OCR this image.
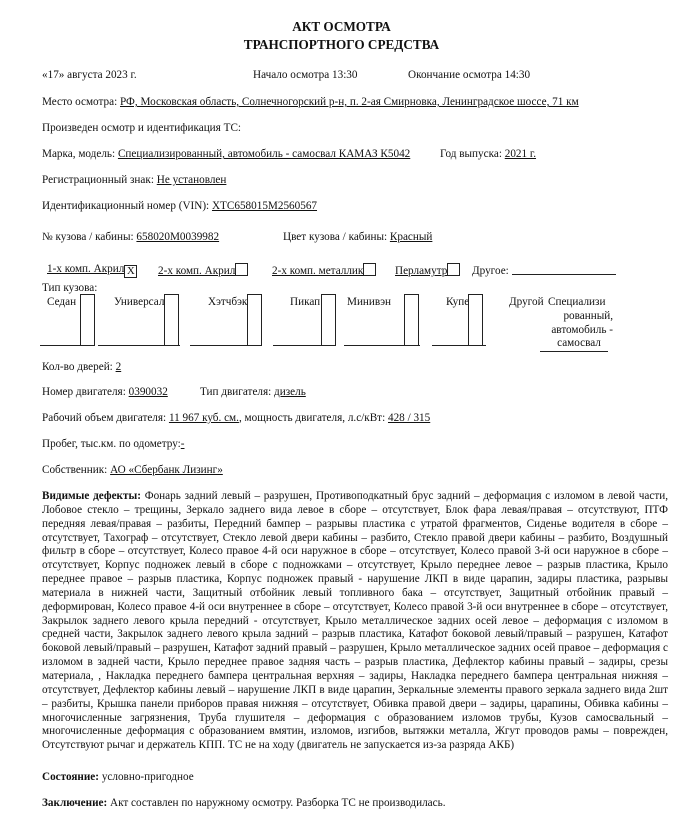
АКТ ОСМОТРА
ТРАНСПОРТНОГО СРЕДСТВА
«17» августа 2023 г.	Начало осмотра 13:30	Окончание осмотра 14:30
Место осмотра: РФ, Московская область, Солнечногорский р-н, п. 2-ая Смирновка, Ленинградское шоссе, 71 км
Произведен осмотр и идентификация ТС:
Марка, модель: Специализированный, автомобиль - самосвал КАМАЗ К5042	Год выпуска: 2021 г.
Регистрационный знак: Не установлен
Идентификационный номер (VIN): XTC658015M2560567
№ кузова / кабины: 658020M0039982	Цвет кузова / кабины: Красный
1-х комп. Акрил X 2-х комп. Акрил	2-х комп. металлик	Перламутр	Другое:
Тип кузова:
Седан	Универсал	Хэтчбэк	Пикап Минивэн	Купе	Другой Специализи
рованный,
автомобиль -
самосвал
Кол-во дверей: 2
Номер двигателя: 0390032	Тип двигателя: дизель
Рабочий объем двигателя: 11 967 куб. см., мощность двигателя, л.с/кВт: 428 / 315
Пробег, тыс.км. по одометру:-
Собственник: АО «Сбербанк Лизинг»
Видимые дефекты: Фонарь задний левый – разрушен, Противоподкатный брус задний – деформация с изломом в левой части, Лобовое стекло – трещины, Зеркало заднего вида левое в сборе – отсутствует, Блок фара левая/правая – отсутствуют, ПТФ передняя левая/правая – разбиты, Передний бампер – разрывы пластика с утратой фрагментов, Сиденье водителя в сборе – отсутствует, Тахограф – отсутствует, Стекло левой двери кабины – разбито, Стекло правой двери кабины – разбито, Воздушный фильтр в сборе – отсутствует, Колесо правое 4-й оси наружное в сборе – отсутствует, Колесо правой 3-й оси наружное в сборе – отсутствует, Корпус подножек левый в сборе с подножками – отсутствует, Крыло переднее левое – разрыв пластика, Крыло переднее правое – разрыв пластика, Корпус подножек правый - нарушение ЛКП в виде царапин, задиры пластика, разрывы материала в нижней части, Защитный отбойник левый топливного бака – отсутствует, Защитный отбойник правый – деформирован, Колесо правое 4-й оси внутреннее в сборе – отсутствует, Колесо правой 3-й оси внутреннее в сборе – отсутствует, Закрылок заднего левого крыла передний - отсутствует, Крыло металлическое задних осей левое – деформация с изломом в средней части, Закрылок заднего левого крыла задний – разрыв пластика, Катафот боковой левый/правый – разрушен, Катафот боковой левый/правый – разрушен, Катафот задний правый – разрушен, Крыло металлическое задних осей правое – деформация с изломом в задней части, Крыло переднее правое задняя часть – разрыв пластика, Дефлектор кабины правый – задиры, срезы материала, , Накладка переднего бампера центральная верхняя – задиры, Накладка переднего бампера центральная нижняя – отсутствует, Дефлектор кабины левый – нарушение ЛКП в виде царапин, Зеркальные элементы правого зеркала заднего вида 2шт – разбиты, Крышка панели приборов правая нижняя – отсутствует, Обивка правой двери – задиры, царапины, Обивка кабины – многочисленные загрязнения, Труба глушителя – деформация с образованием изломов трубы, Кузов самосвальный – многочисленные деформация с образованием вмятин, изломов, изгибов, вытяжки металла, Жгут проводов рамы – поврежден, Отсутствуют рычаг и держатель КПП. ТС не на ходу (двигатель не запускается из-за разряда АКБ)
Состояние: условно-пригодное
Заключение: Акт составлен по наружному осмотру. Разборка ТС не производилась.
